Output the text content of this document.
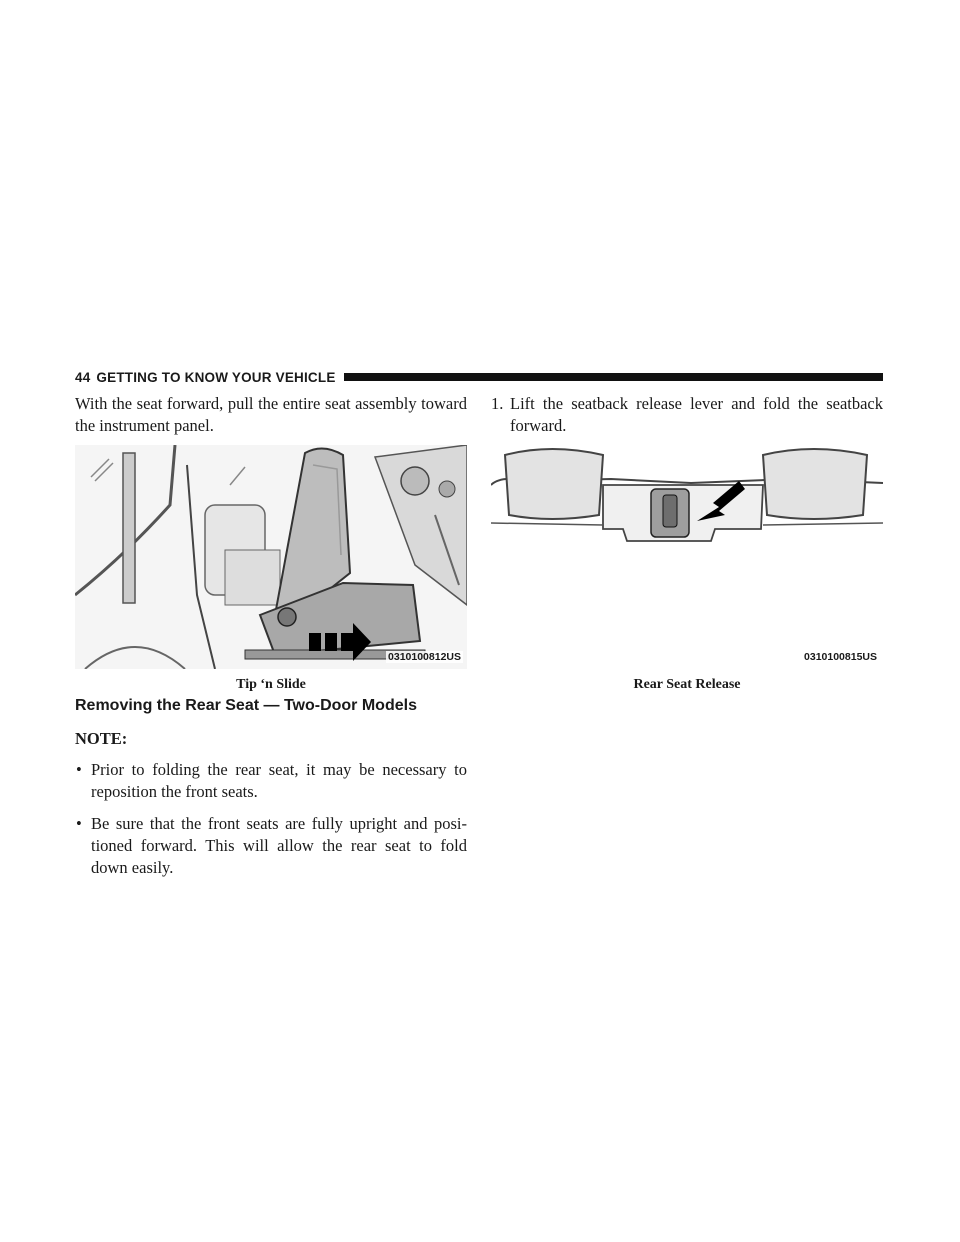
44 GETTING TO KNOW YOUR VEHICLE

With the seat forward, pull the entire seat assembly toward the instrument panel.

0310100812US
Tip ‘n Slide
Removing the Rear Seat — Two-Door Models
NOTE:
• Prior to folding the rear seat, it may be necessary to reposition the front seats.
• Be sure that the front seats are fully upright and posi- tioned forward. This will allow the rear seat to fold down easily.
1. Lift the seatback release lever and fold the seatback forward.
0310100815US
Rear Seat Release
